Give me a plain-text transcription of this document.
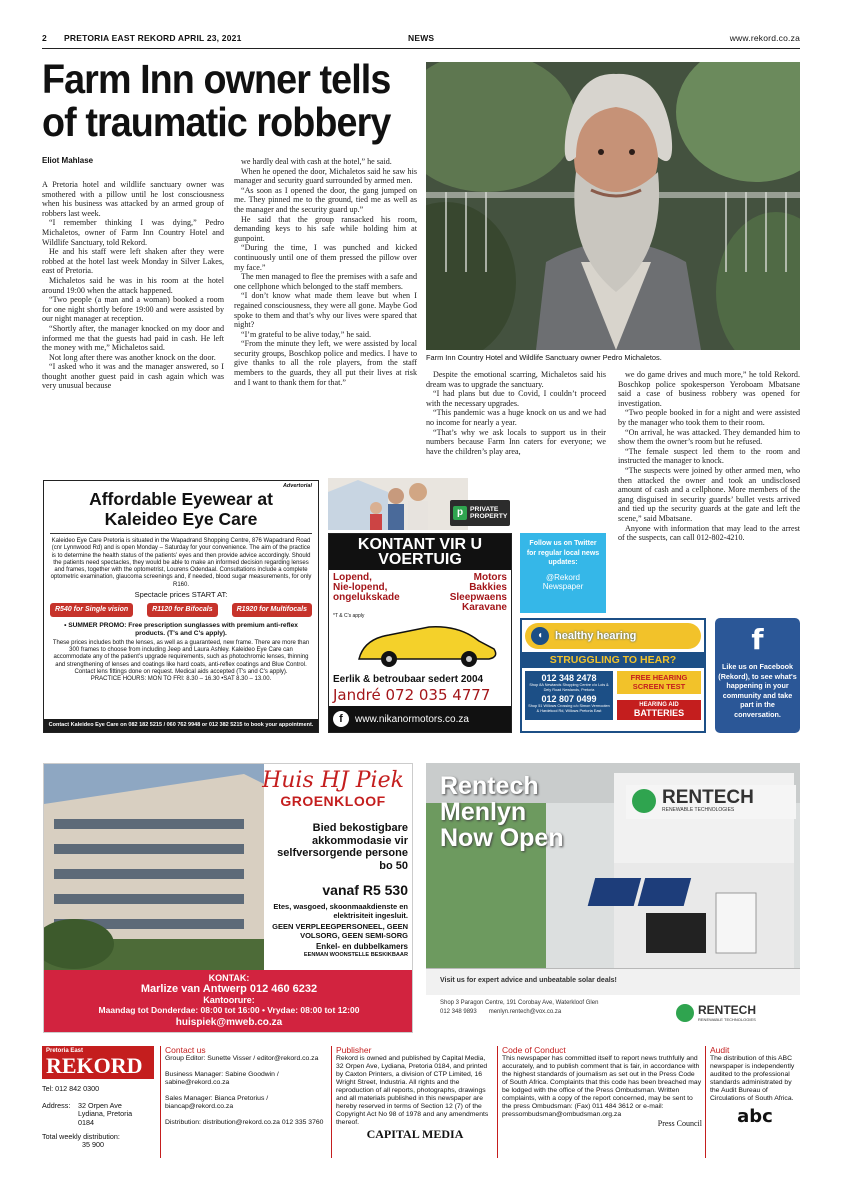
2 PRETORIA EAST REKORD APRIL 23, 2021	NEWS	www.rekord.co.za
Farm Inn owner tells of traumatic robbery
Farm Inn Country Hotel and Wildlife Sanctuary owner Pedro Michaletos.
Eliot Mahlase

A Pretoria hotel and wildlife sanctuary owner was smothered with a pillow until he lost consciousness when his business was attacked by an armed group of robbers last week.

“I remember thinking I was dying,” Pedro Michaletos, owner of Farm Inn Country Hotel and Wildlife Sanctuary, told Rekord.

He and his staff were left shaken after they were robbed at the hotel last week Monday in Silver Lakes, east of Pretoria.

Michaletos said he was in his room at the hotel around 19:00 when the attack happened.

“Two people (a man and a woman) booked a room for one night shortly before 19:00 and were assisted by our night manager at reception.

“Shortly after, the manager knocked on my door and informed me that the guests had paid in cash. He left the money with me,” Michaletos said.

Not long after there was another knock on the door.

“I asked who it was and the manager answered, so I thought another guest paid in cash again which was very unusual because

we hardly deal with cash at the hotel,” he said.

When he opened the door, Michaletos said he saw his manager and security guard surrounded by armed men.

“As soon as I opened the door, the gang jumped on me. They pinned me to the ground, tied me as well as the manager and the security guard up.”

He said that the group ransacked his room, demanding keys to his safe while holding him at gunpoint.

“During the time, I was punched and kicked continuously until one of them pressed the pillow over my face.”

The men managed to flee the premises with a safe and one cellphone which belonged to the staff members.

“I don’t know what made them leave but when I regained consciousness, they were all gone. Maybe God spoke to them and that’s why our lives were spared that night?

“I’m grateful to be alive today,” he said.

“From the minute they left, we were assisted by local security groups, Boschkop police and medics. I have to give thanks to all the role players, from the staff members to the guards, they all put their lives at risk and I want to thank them for that.”

Despite the emotional scarring, Michaletos said his dream was to upgrade the sanctuary.

“I had plans but due to Covid, I couldn’t proceed with the necessary upgrades.

“This pandemic was a huge knock on us and we had no income for nearly a year.

“That’s why we ask locals to support us in their numbers because Farm Inn caters for everyone; we have the children’s play area,

we do game drives and much more,” he told Rekord. Boschkop police spokesperson Yeroboam Mbatsane said a case of business robbery was opened for investigation.

“Two people booked in for a night and were assisted by the manager who took them to their room.

“On arrival, he was attacked. They demanded him to show them the owner’s room but he refused.

“The female suspect led them to the room and instructed the manager to knock.

“The suspects were joined by other armed men, who then attacked the owner and took an undisclosed amount of cash and a cellphone. More members of the gang disguised in security guards’ bullet vests arrived and tied up the security guards at the gate and left the scene,” said Mbatsane.

Anyone with information that may lead to the arrest of the suspects, can call 012-802-4210.

Advertorial
Affordable Eyewear at
Kaleideo Eye Care
Kaleideo Eye Care Pretoria is situated in the Wapadrand Shopping Centre, 876 Wapadrand Road (cnr Lynnwood Rd) and is open Monday – Saturday for your convenience. The aim of the practice is to determine the health status of the patients’ eyes and then provide advice accordingly. Should the patients need spectacles, they would be able to make an informed decision regarding lenses and frames, together with the optometrist, Lourens Odendaal. Consultations include a complete optometric examination, glaucoma screenings and, if needed, blood sugar measurements, for only R160.
Spectacle prices START AT:
R540 for Single vision	R1120 for Bifocals	R1920 for Multifocals
• SUMMER PROMO: Free prescription sunglasses with premium anti-reflex products. (T's and C's apply).
These prices includes both the lenses, as well as a guaranteed, new frame. There are more than 300 frames to choose from including Jeep and Laura Ashley. Kaleideo Eye Care can accommodate any of the patient’s upgrade requirements, such as photochromic lenses, thinning and strengthening of lenses and coatings like hard coats, anti-reflex coatings and Blue Control. Contact lens fittings done on request. Medical aids accepted (T's and C's apply).
PRACTICE HOURS: MON TO FRI: 8.30 – 16.30 •SAT 8.30 – 13.00.
Contact Kaleideo Eye Care on 082 182 5215 / 060 762 9948 or 012 382 5215 to book your appointment.
p	PRIVATE
PROPERTY
KONTANT VIR U VOERTUIG
Lopend,
Nie-lopend,
ongelukskade
Motors
Bakkies
Sleepwaens
Karavane
*T & C's apply
Eerlik & betroubaar sedert 2004
Jandré 072 035 4777
f	www.nikanormotors.co.za
Follow us on Twitter for regular local news updates:
@Rekord
Newspaper
◖	healthy hearing
STRUGGLING TO HEAR?
012 348 2478
Shop 8A Newlands Shopping Centre c/o Lois & Dely Road Newlands, Pretoria
012 807 0499
Shop 51 Willows Crossing c/o Simon Vermooten & Hardekool Rd, Willows Pretoria East
FREE HEARING SCREEN TEST
HEARING AID
BATTERIES
f
Like us on Facebook (Rekord), to see what's happening in your community and take part in the conversation.
Huis HJ Piek
GROENKLOOF
Bied bekostigbare akkommodasie vir selfversorgende persone bo 50
vanaf R5 530
Etes, wasgoed, skoonmaakdienste en elektrisiteit ingesluit.
GEEN VERPLEEGPERSONEEL, GEEN VOLSORG, GEEN SEMI-SORG
Enkel- en dubbelkamers
EENMAN WOONSTELLE BESKIKBAAR
KONTAK:
Marlize van Antwerp 012 460 6232
Kantoorure:
Maandag tot Donderdae: 08:00 tot 16:00 • Vrydae: 08:00 tot 12:00
huispiek@mweb.co.za
Rentech
Menlyn
Now Open
RENTECH
RENEWABLE TECHNOLOGIES
Visit us for expert advice and unbeatable solar deals!
Shop 3 Paragon Centre, 191 Corobay Ave, Waterkloof Glen
012 348 9893 menlyn.rentech@vox.co.za	RENTECH
RENEWABLE TECHNOLOGIES
Pretoria East
REKORD
Tel: 012 842 0300
Address:	32 Orpen Ave Lydiana, Pretoria 0184
Total weekly distribution:
35 900
Contact us
Group Editor: Sunette Visser / editor@rekord.co.za

Business Manager: Sabine Goodwin / sabine@rekord.co.za

Sales Manager: Bianca Pretorius / biancap@rekord.co.za

Distribution: distribution@rekord.co.za 012 335 3760
Publisher
Rekord is owned and published by Capital Media, 32 Orpen Ave, Lydiana, Pretoria 0184, and printed by Caxton Printers, a division of CTP Limited, 16 Wright Street, Industria. All rights and the reproduction of all reports, photographs, drawings and all materials published in this newspaper are hereby reserved in terms of Section 12 (7) of the Copyright Act No 98 of 1978 and any amendments thereof.
CAPITAL MEDIA
Code of Conduct
This newspaper has committed itself to report news truthfully and accurately, and to publish comment that is fair, in accordance with the highest standards of journalism as set out in the Press Code of South Africa. Complaints that this code has been breached may be lodged with the office of the Press Ombudsman. Written complaints, with a copy of the report concerned, may be sent to the press Ombudsman: (Fax) 011 484 3612 or e-mail: pressombudsman@ombudsman.org.za
Press Council
Audit
The distribution of this ABC newspaper is independently audited to the professional standards administrated by the Audit Bureau of Circulations of South Africa.
abc
